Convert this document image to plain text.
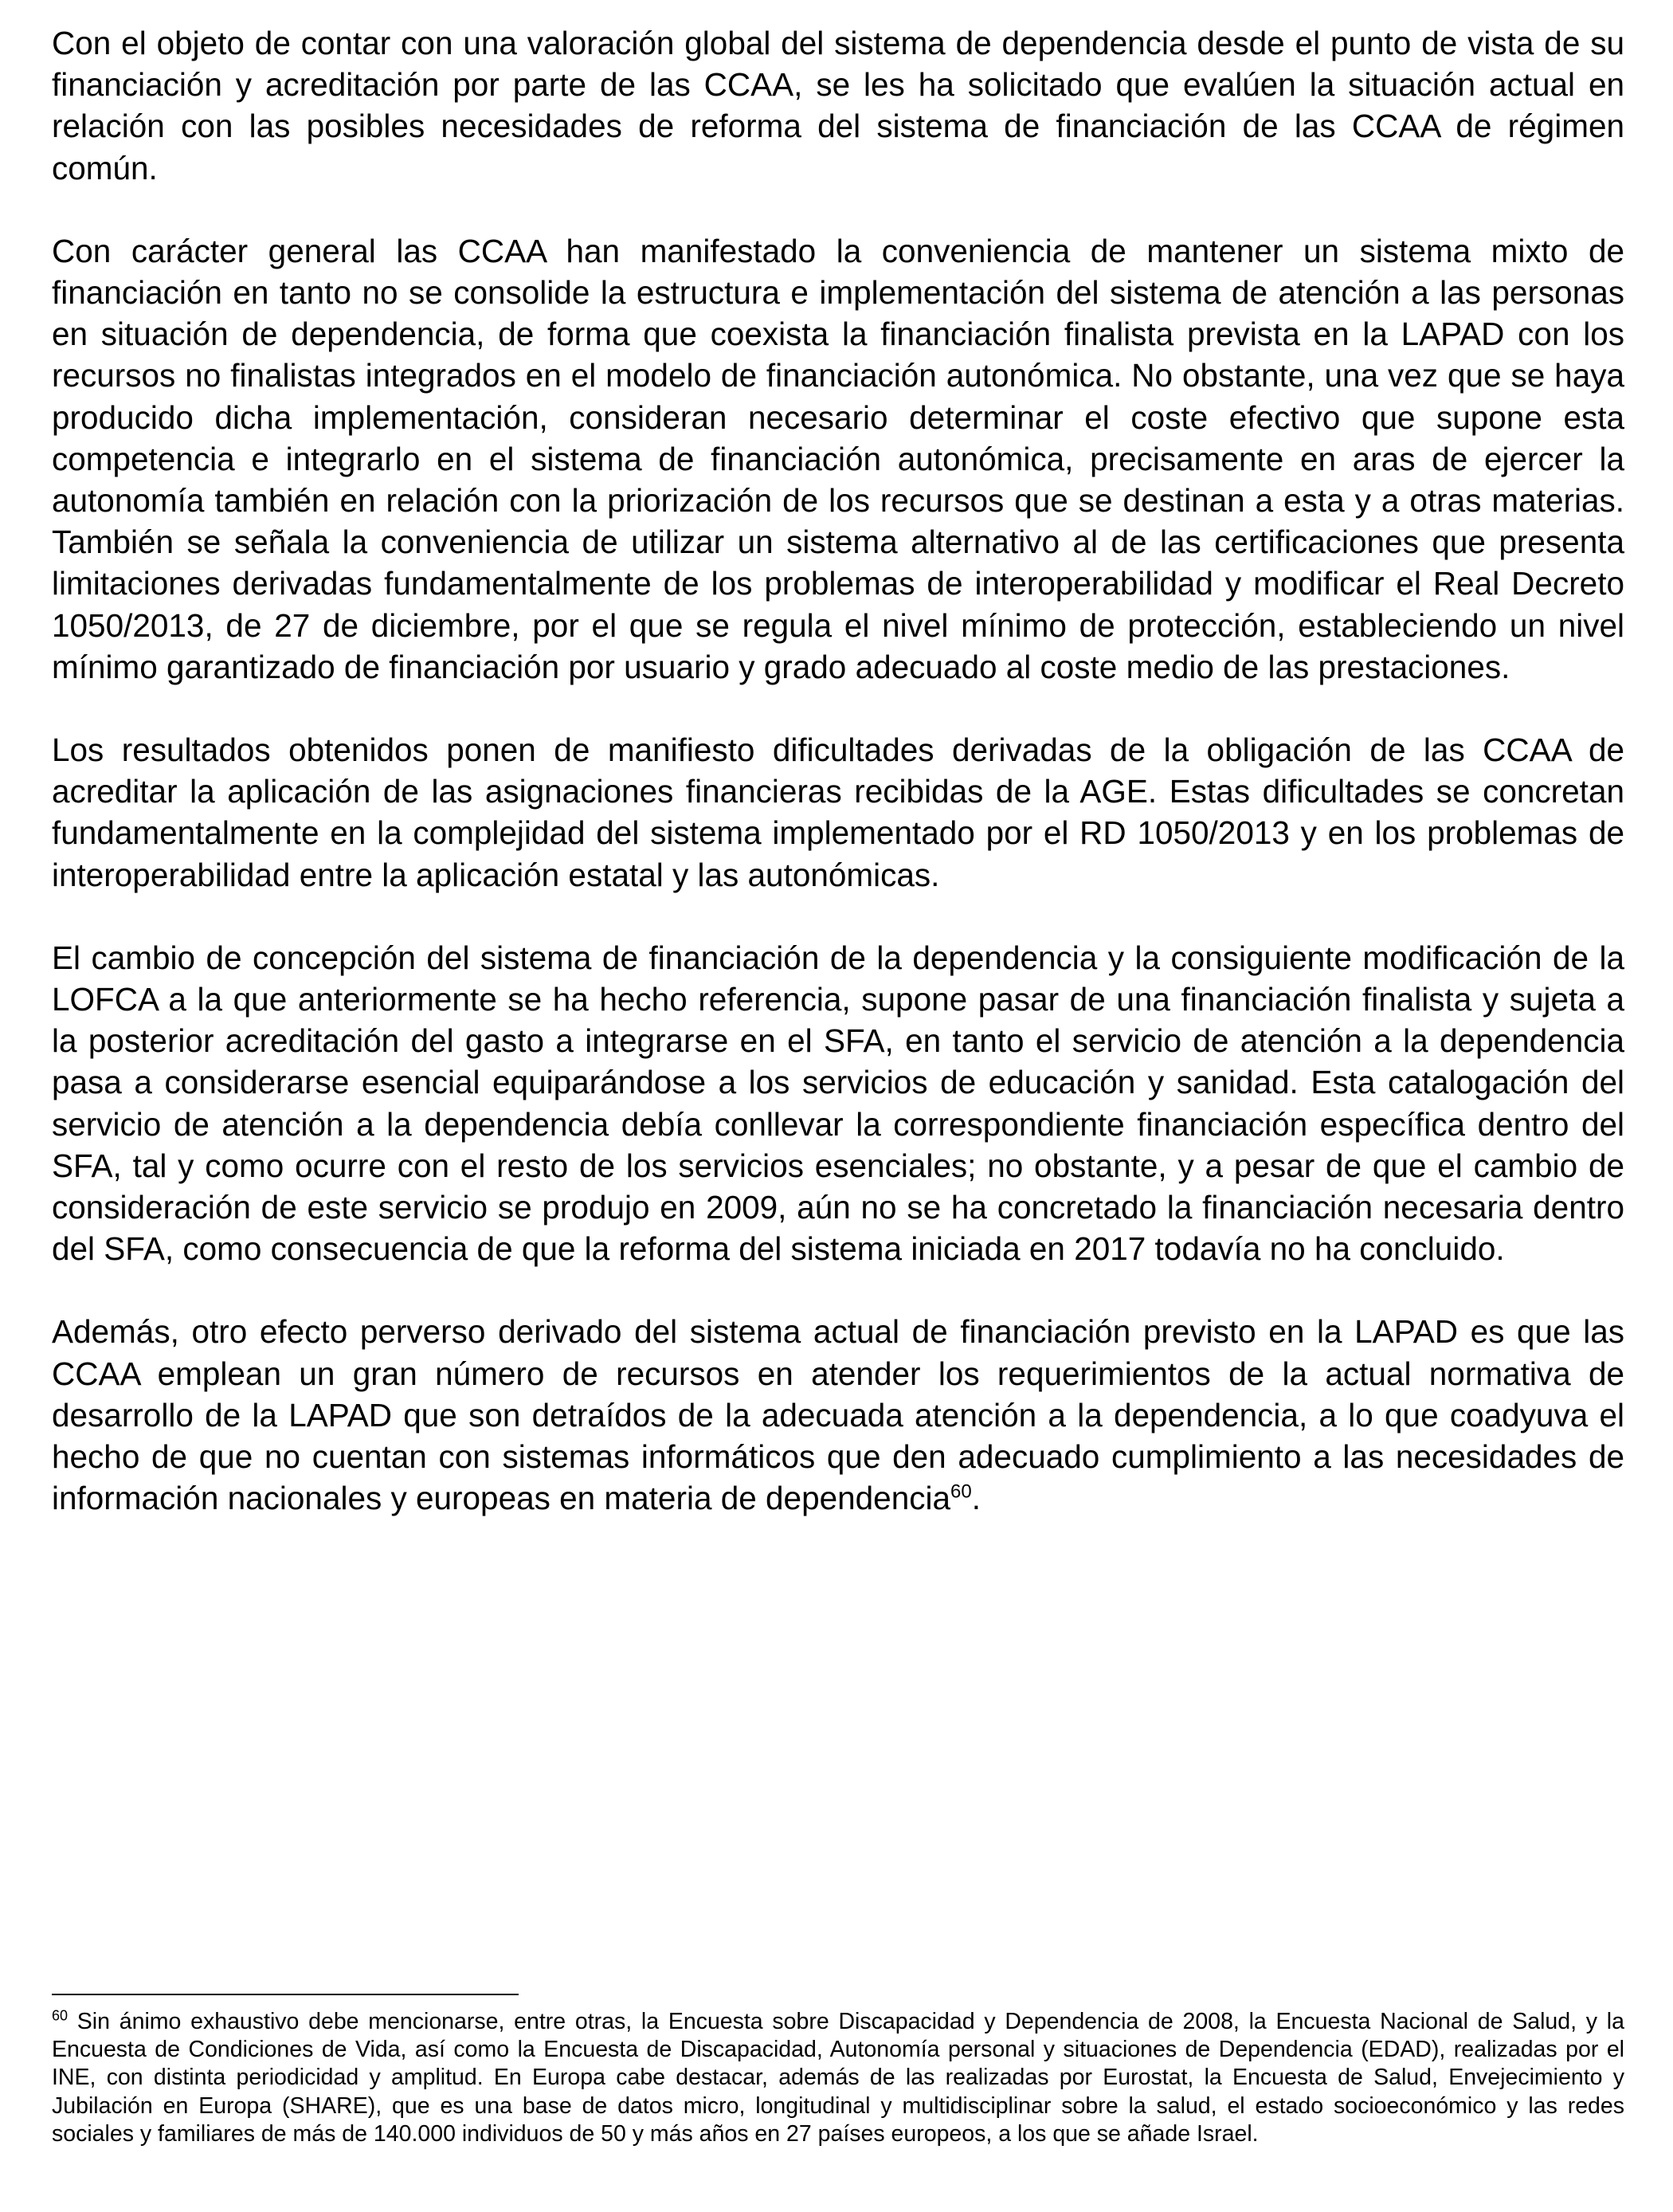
Con el objeto de contar con una valoración global del sistema de dependencia desde el punto de vista de su financiación y acreditación por parte de las CCAA, se les ha solicitado que evalúen la situación actual en relación con las posibles necesidades de reforma del sistema de financiación de las CCAA de régimen común.

Con carácter general las CCAA han manifestado la conveniencia de mantener un sistema mixto de financiación en tanto no se consolide la estructura e implementación del sistema de atención a las personas en situación de dependencia, de forma que coexista la financiación finalista prevista en la LAPAD con los recursos no finalistas integrados en el modelo de financiación autonómica. No obstante, una vez que se haya producido dicha implementación, consideran necesario determinar el coste efectivo que supone esta competencia e integrarlo en el sistema de financiación autonómica, precisamente en aras de ejercer la autonomía también en relación con la priorización de los recursos que se destinan a esta y a otras materias. También se señala la conveniencia de utilizar un sistema alternativo al de las certificaciones que presenta limitaciones derivadas fundamentalmente de los problemas de interoperabilidad y modificar el Real Decreto 1050/2013, de 27 de diciembre, por el que se regula el nivel mínimo de protección, estableciendo un nivel mínimo garantizado de financiación por usuario y grado adecuado al coste medio de las prestaciones.

Los resultados obtenidos ponen de manifiesto dificultades derivadas de la obligación de las CCAA de acreditar la aplicación de las asignaciones financieras recibidas de la AGE. Estas dificultades se concretan fundamentalmente en la complejidad del sistema implementado por el RD 1050/2013 y en los problemas de interoperabilidad entre la aplicación estatal y las autonómicas.

El cambio de concepción del sistema de financiación de la dependencia y la consiguiente modificación de la LOFCA a la que anteriormente se ha hecho referencia, supone pasar de una financiación finalista y sujeta a la posterior acreditación del gasto a integrarse en el SFA, en tanto el servicio de atención a la dependencia pasa a considerarse esencial equiparándose a los servicios de educación y sanidad. Esta catalogación del servicio de atención a la dependencia debía conllevar la correspondiente financiación específica dentro del SFA, tal y como ocurre con el resto de los servicios esenciales; no obstante, y a pesar de que el cambio de consideración de este servicio se produjo en 2009, aún no se ha concretado la financiación necesaria dentro del SFA, como consecuencia de que la reforma del sistema iniciada en 2017 todavía no ha concluido.

Además, otro efecto perverso derivado del sistema actual de financiación previsto en la LAPAD es que las CCAA emplean un gran número de recursos en atender los requerimientos de la actual normativa de desarrollo de la LAPAD que son detraídos de la adecuada atención a la dependencia, a lo que coadyuva el hecho de que no cuentan con sistemas informáticos que den adecuado cumplimiento a las necesidades de información nacionales y europeas en materia de dependencia$^{60}$.

$^{60}$ Sin ánimo exhaustivo debe mencionarse, entre otras, la Encuesta sobre Discapacidad y Dependencia de 2008, la Encuesta Nacional de Salud, y la Encuesta de Condiciones de Vida, así como la Encuesta de Discapacidad, Autonomía personal y situaciones de Dependencia (EDAD), realizadas por el INE, con distinta periodicidad y amplitud. En Europa cabe destacar, además de las realizadas por Eurostat, la Encuesta de Salud, Envejecimiento y Jubilación en Europa (SHARE), que es una base de datos micro, longitudinal y multidisciplinar sobre la salud, el estado socioeconómico y las redes sociales y familiares de más de 140.000 individuos de 50 y más años en 27 países europeos, a los que se añade Israel.
